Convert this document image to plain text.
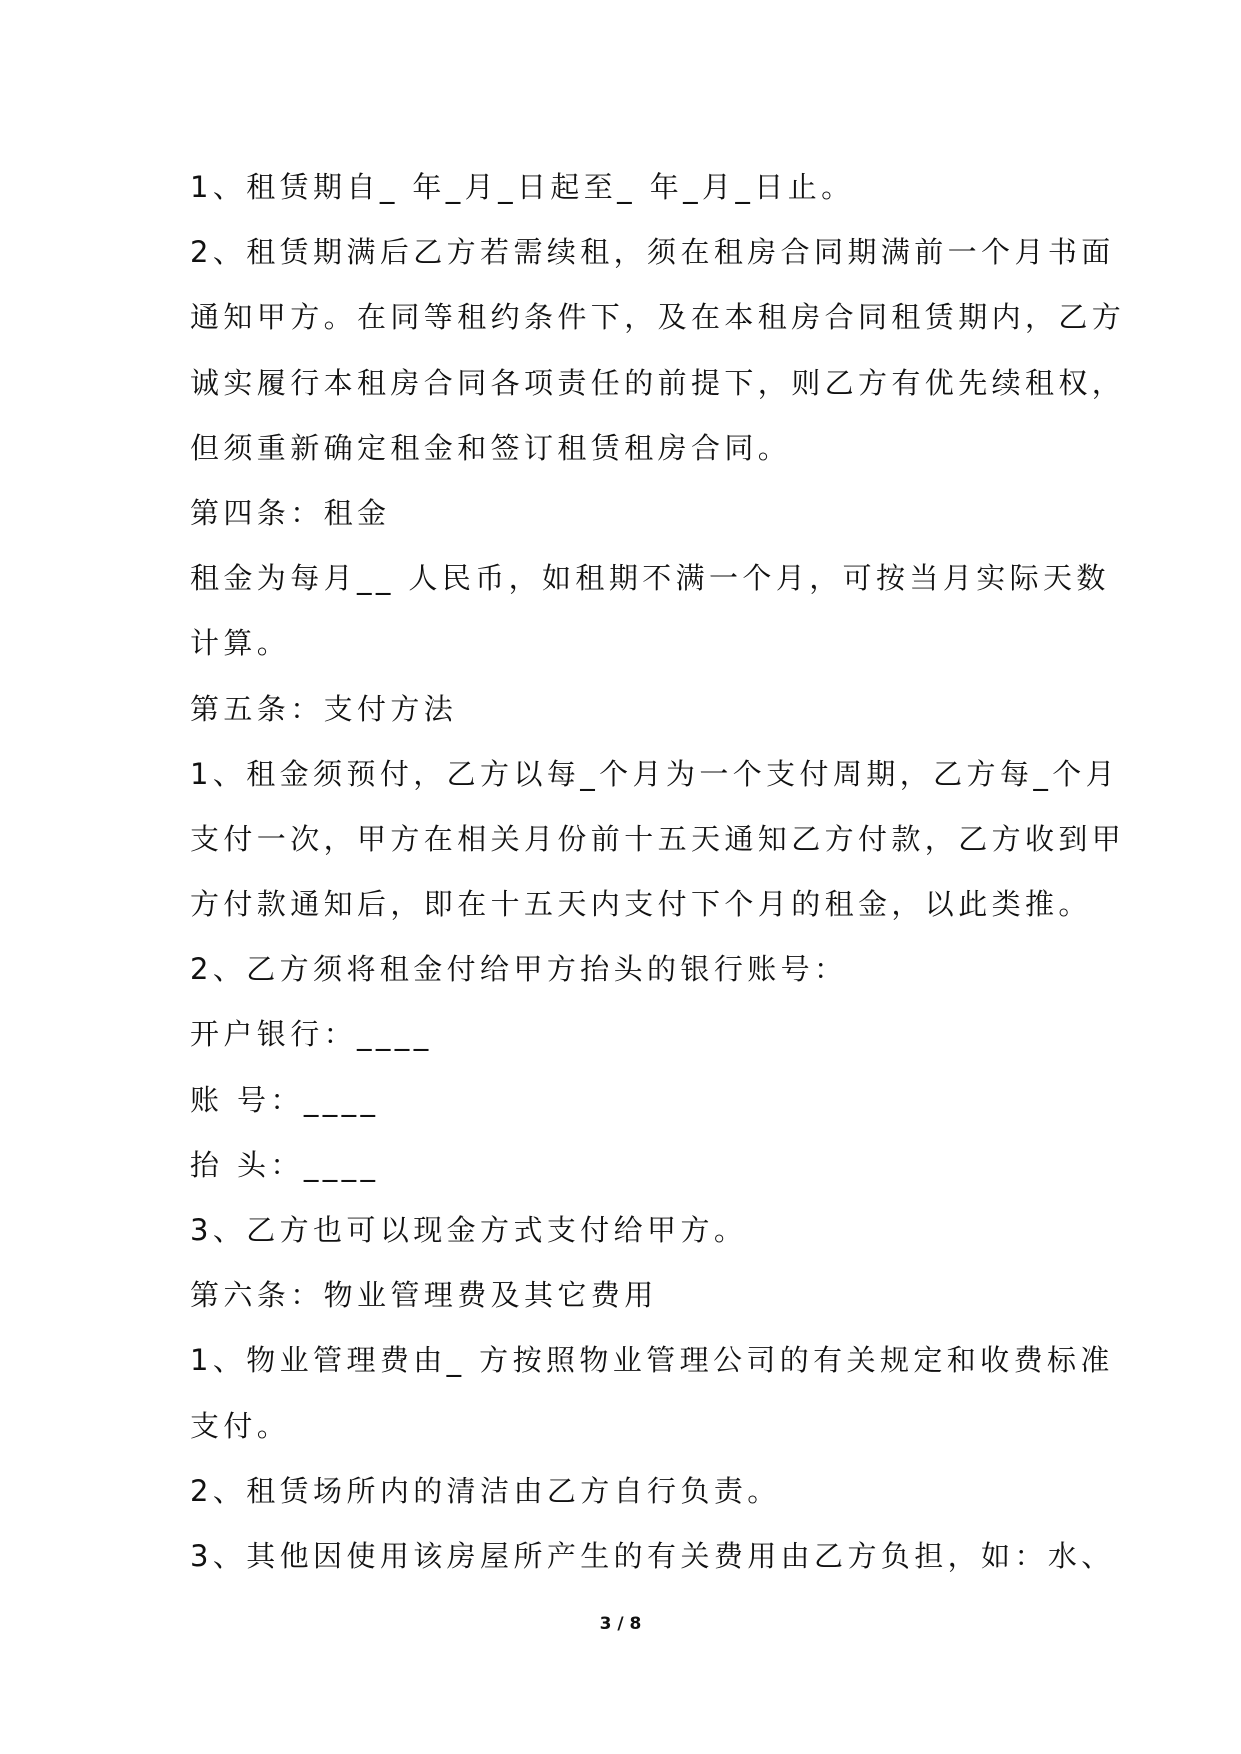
1、租赁期自_ 年_月_日起至_ 年_月_日止。
2、租赁期满后乙方若需续租，须在租房合同期满前一个月书面
通知甲方。在同等租约条件下，及在本租房合同租赁期内，乙方
诚实履行本租房合同各项责任的前提下，则乙方有优先续租权，
但须重新确定租金和签订租赁租房合同。
第四条：租金
租金为每月__ 人民币，如租期不满一个月，可按当月实际天数
计算。
第五条：支付方法
1、租金须预付，乙方以每_个月为一个支付周期，乙方每_个月
支付一次，甲方在相关月份前十五天通知乙方付款，乙方收到甲
方付款通知后，即在十五天内支付下个月的租金，以此类推。
2、乙方须将租金付给甲方抬头的银行账号：
开户银行：____
账 号：____
抬 头：____
3、乙方也可以现金方式支付给甲方。
第六条：物业管理费及其它费用
1、物业管理费由_ 方按照物业管理公司的有关规定和收费标准
支付。
2、租赁场所内的清洁由乙方自行负责。
3、其他因使用该房屋所产生的有关费用由乙方负担，如：水、
3 / 8
